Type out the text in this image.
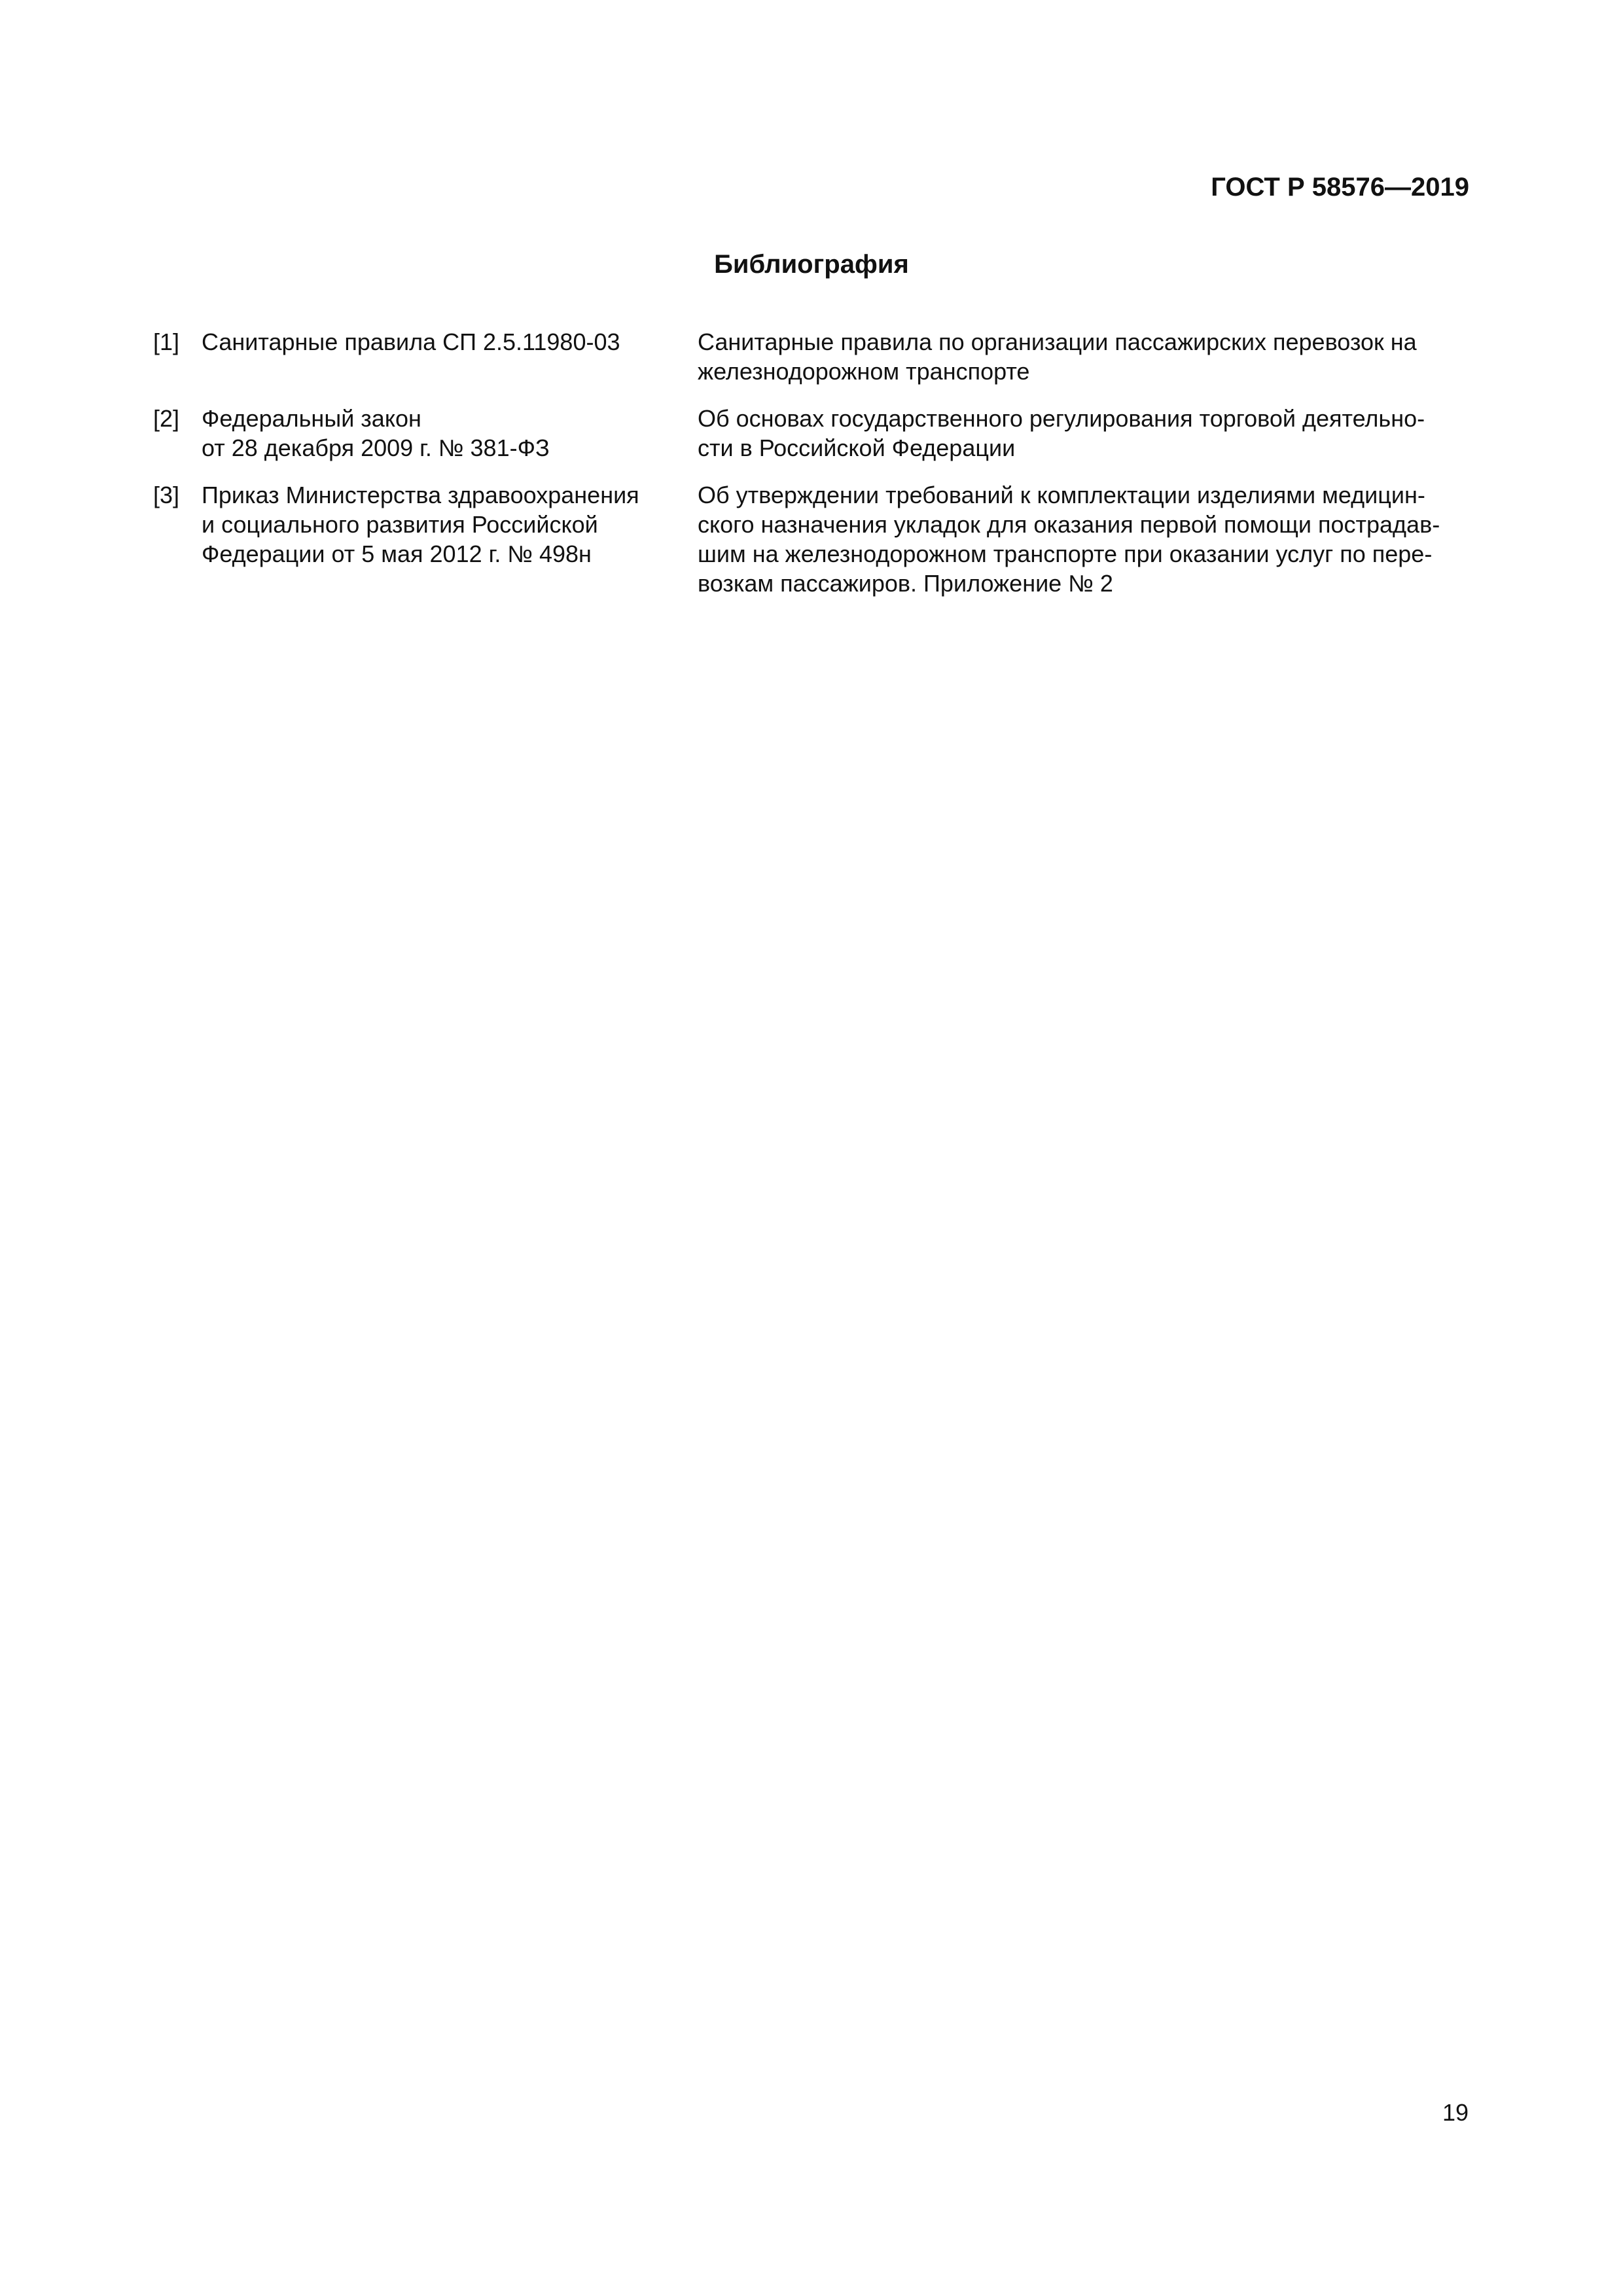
ГОСТ Р 58576—2019
Библиография
[1] Санитарные правила СП 2.5.11980-03	Санитарные правила по организации пассажирских перевозок на
железнодорожном транспорте
[2] Федеральный закон
от 28 декабря 2009 г. № 381-ФЗ
Об основах государственного регулирования торговой деятельно-
сти в Российской Федерации
[3] Приказ Министерства здравоохранения
и социального развития Российской
Федерации от 5 мая 2012 г. № 498н
Об утверждении требований к комплектации изделиями медицин-
ского назначения укладок для оказания первой помощи пострадав-
шим на железнодорожном транспорте при оказании услуг по пере-
возкам пассажиров. Приложение № 2
19
